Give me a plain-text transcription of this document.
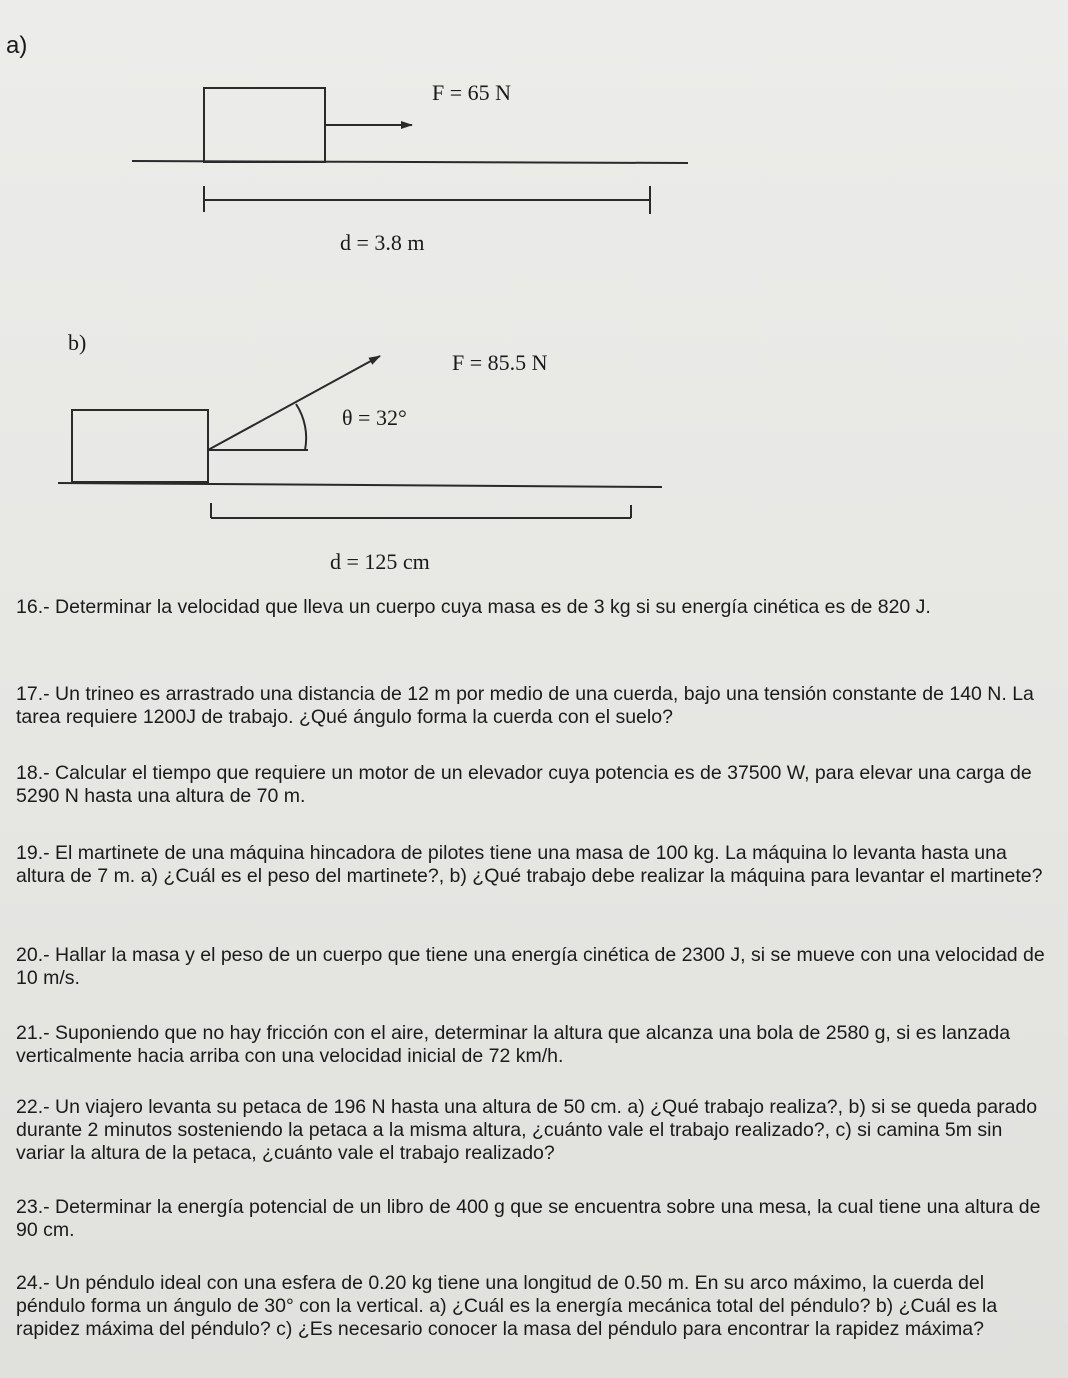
a)
F = 65 N
d = 3.8 m
b)
F = 85.5 N
θ = 32°
d = 125 cm

16.- Determinar la velocidad que lleva un cuerpo cuya masa es de 3 kg si su energía cinética es de 820 J.

17.- Un trineo es arrastrado una distancia de 12 m por medio de una cuerda, bajo una tensión constante de 140 N. La tarea requiere 1200J de trabajo. ¿Qué ángulo forma la cuerda con el suelo?

18.- Calcular el tiempo que requiere un motor de un elevador cuya potencia es de 37500 W, para elevar una carga de 5290 N hasta una altura de 70 m.

19.- El martinete de una máquina hincadora de pilotes tiene una masa de 100 kg. La máquina lo levanta hasta una altura de 7 m. a) ¿Cuál es el peso del martinete?, b) ¿Qué trabajo debe realizar la máquina para levantar el martinete?

20.- Hallar la masa y el peso de un cuerpo que tiene una energía cinética de 2300 J, si se mueve con una velocidad de 10 m/s.

21.- Suponiendo que no hay fricción con el aire, determinar la altura que alcanza una bola de 2580 g, si es lanzada verticalmente hacia arriba con una velocidad inicial de 72 km/h.

22.- Un viajero levanta su petaca de 196 N hasta una altura de 50 cm. a) ¿Qué trabajo realiza?, b) si se queda parado durante 2 minutos sosteniendo la petaca a la misma altura, ¿cuánto vale el trabajo realizado?, c) si camina 5m sin variar la altura de la petaca, ¿cuánto vale el trabajo realizado?

23.- Determinar la energía potencial de un libro de 400 g que se encuentra sobre una mesa, la cual tiene una altura de 90 cm.

24.- Un péndulo ideal con una esfera de 0.20 kg tiene una longitud de 0.50 m. En su arco máximo, la cuerda del péndulo forma un ángulo de 30° con la vertical. a) ¿Cuál es la energía mecánica total del péndulo? b) ¿Cuál es la rapidez máxima del péndulo? c) ¿Es necesario conocer la masa del péndulo para encontrar la rapidez máxima?
